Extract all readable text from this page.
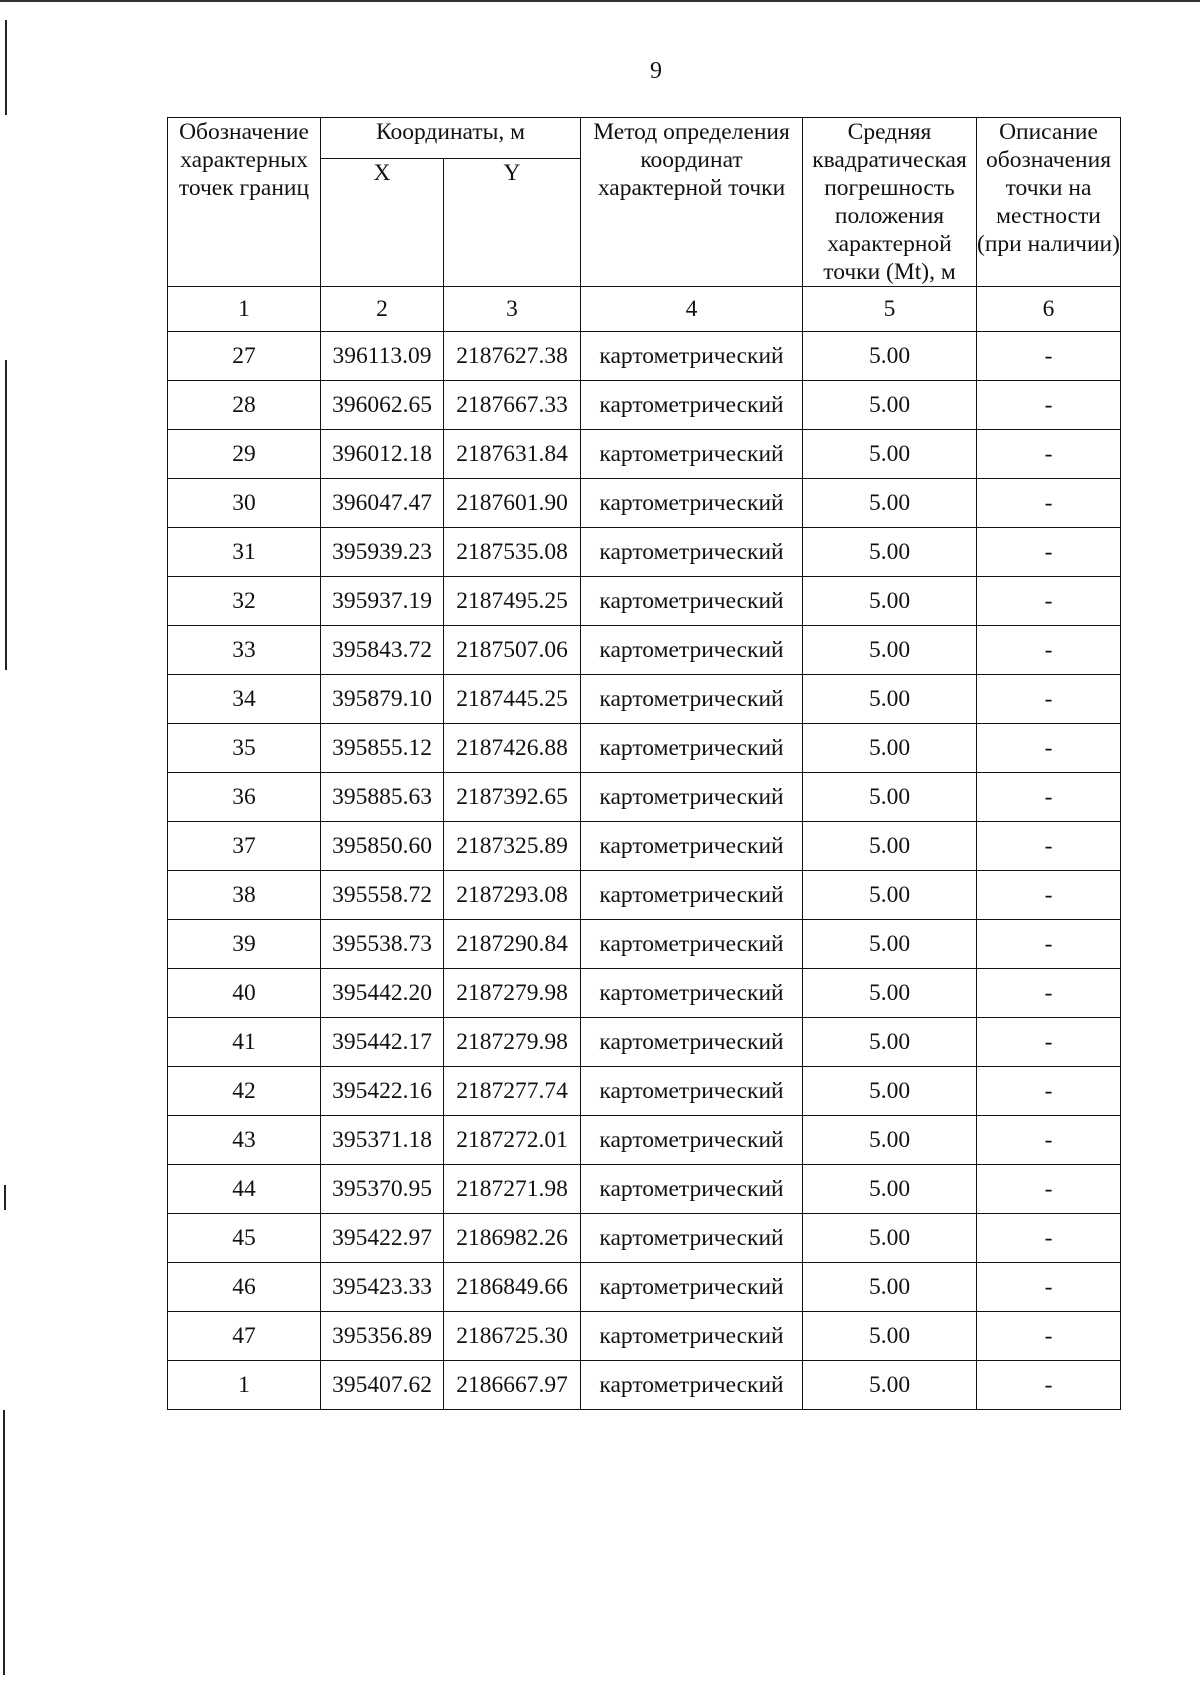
9
Обозначение характерных точек границ	Координаты, м		Метод определения координат характерной точки	Средняя квадратическая погрешность положения характерной точки (Mt), м	Описание обозначения точки на местности (при наличии)
	X	Y			
1	2	3	4	5	6
27	396113.09	2187627.38	картометрический	5.00	-
28	396062.65	2187667.33	картометрический	5.00	-
29	396012.18	2187631.84	картометрический	5.00	-
30	396047.47	2187601.90	картометрический	5.00	-
31	395939.23	2187535.08	картометрический	5.00	-
32	395937.19	2187495.25	картометрический	5.00	-
33	395843.72	2187507.06	картометрический	5.00	-
34	395879.10	2187445.25	картометрический	5.00	-
35	395855.12	2187426.88	картометрический	5.00	-
36	395885.63	2187392.65	картометрический	5.00	-
37	395850.60	2187325.89	картометрический	5.00	-
38	395558.72	2187293.08	картометрический	5.00	-
39	395538.73	2187290.84	картометрический	5.00	-
40	395442.20	2187279.98	картометрический	5.00	-
41	395442.17	2187279.98	картометрический	5.00	-
42	395422.16	2187277.74	картометрический	5.00	-
43	395371.18	2187272.01	картометрический	5.00	-
44	395370.95	2187271.98	картометрический	5.00	-
45	395422.97	2186982.26	картометрический	5.00	-
46	395423.33	2186849.66	картометрический	5.00	-
47	395356.89	2186725.30	картометрический	5.00	-
1	395407.62	2186667.97	картометрический	5.00	-
